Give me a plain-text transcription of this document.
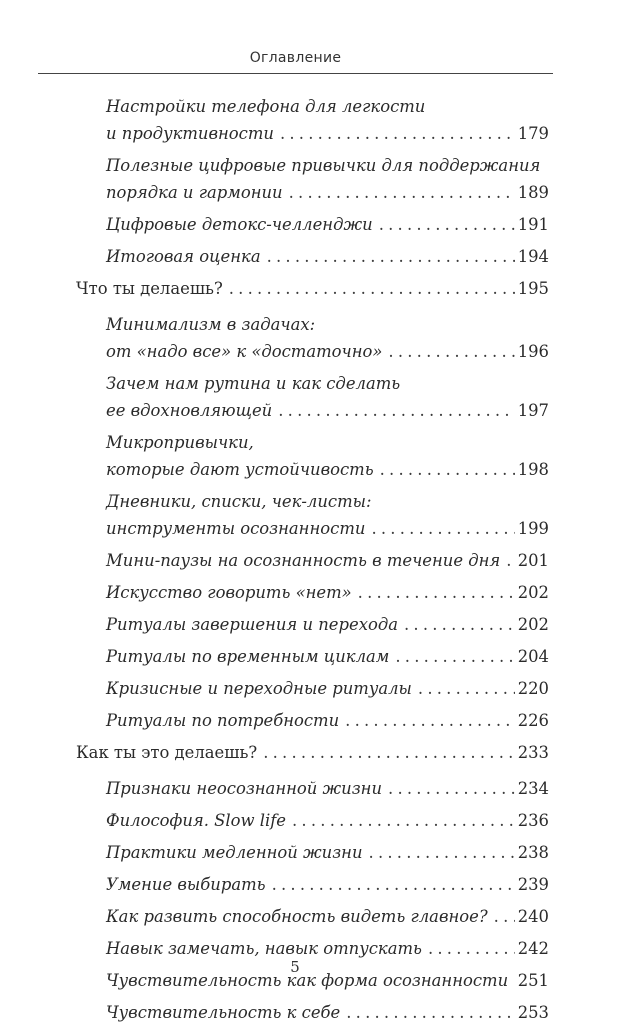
Оглавление
Настройки телефона для легкости
и продуктивности . . .	179
Полезные цифровые привычки для поддержания
порядка и гармонии . . .	189
Цифровые детокс-челленджи . . .	191
Итоговая оценка . . .	194
Что ты делаешь? . . .	195
Минимализм в задачах:
от «надо все» к «достаточно» . . .	196
Зачем нам рутина и как сделать
ее вдохновляющей . . .	197
Микропривычки,
которые дают устойчивость . . .	198
Дневники, списки, чек-листы:
инструменты осознанности . . .	199
Мини-паузы на осознанность в течение дня . . . 201
Искусство говорить «нет» . . .	202
Ритуалы завершения и перехода . . .	202
Ритуалы по временным циклам . . .	204
Кризисные и переходные ритуалы . . .	220
Ритуалы по потребности . . .	226
Как ты это делаешь? . . .	233
Признаки неосознанной жизни . . .	234
Философия. Slow life . . .	236
Практики медленной жизни . . .	238
Умение выбирать . . .	239
Как развить способность видеть главное? . . . 240
Навык замечать, навык отпускать . . .	242
Чувствительность как форма осознанности . . . 251
Чувствительность к себе . . .	253
5
